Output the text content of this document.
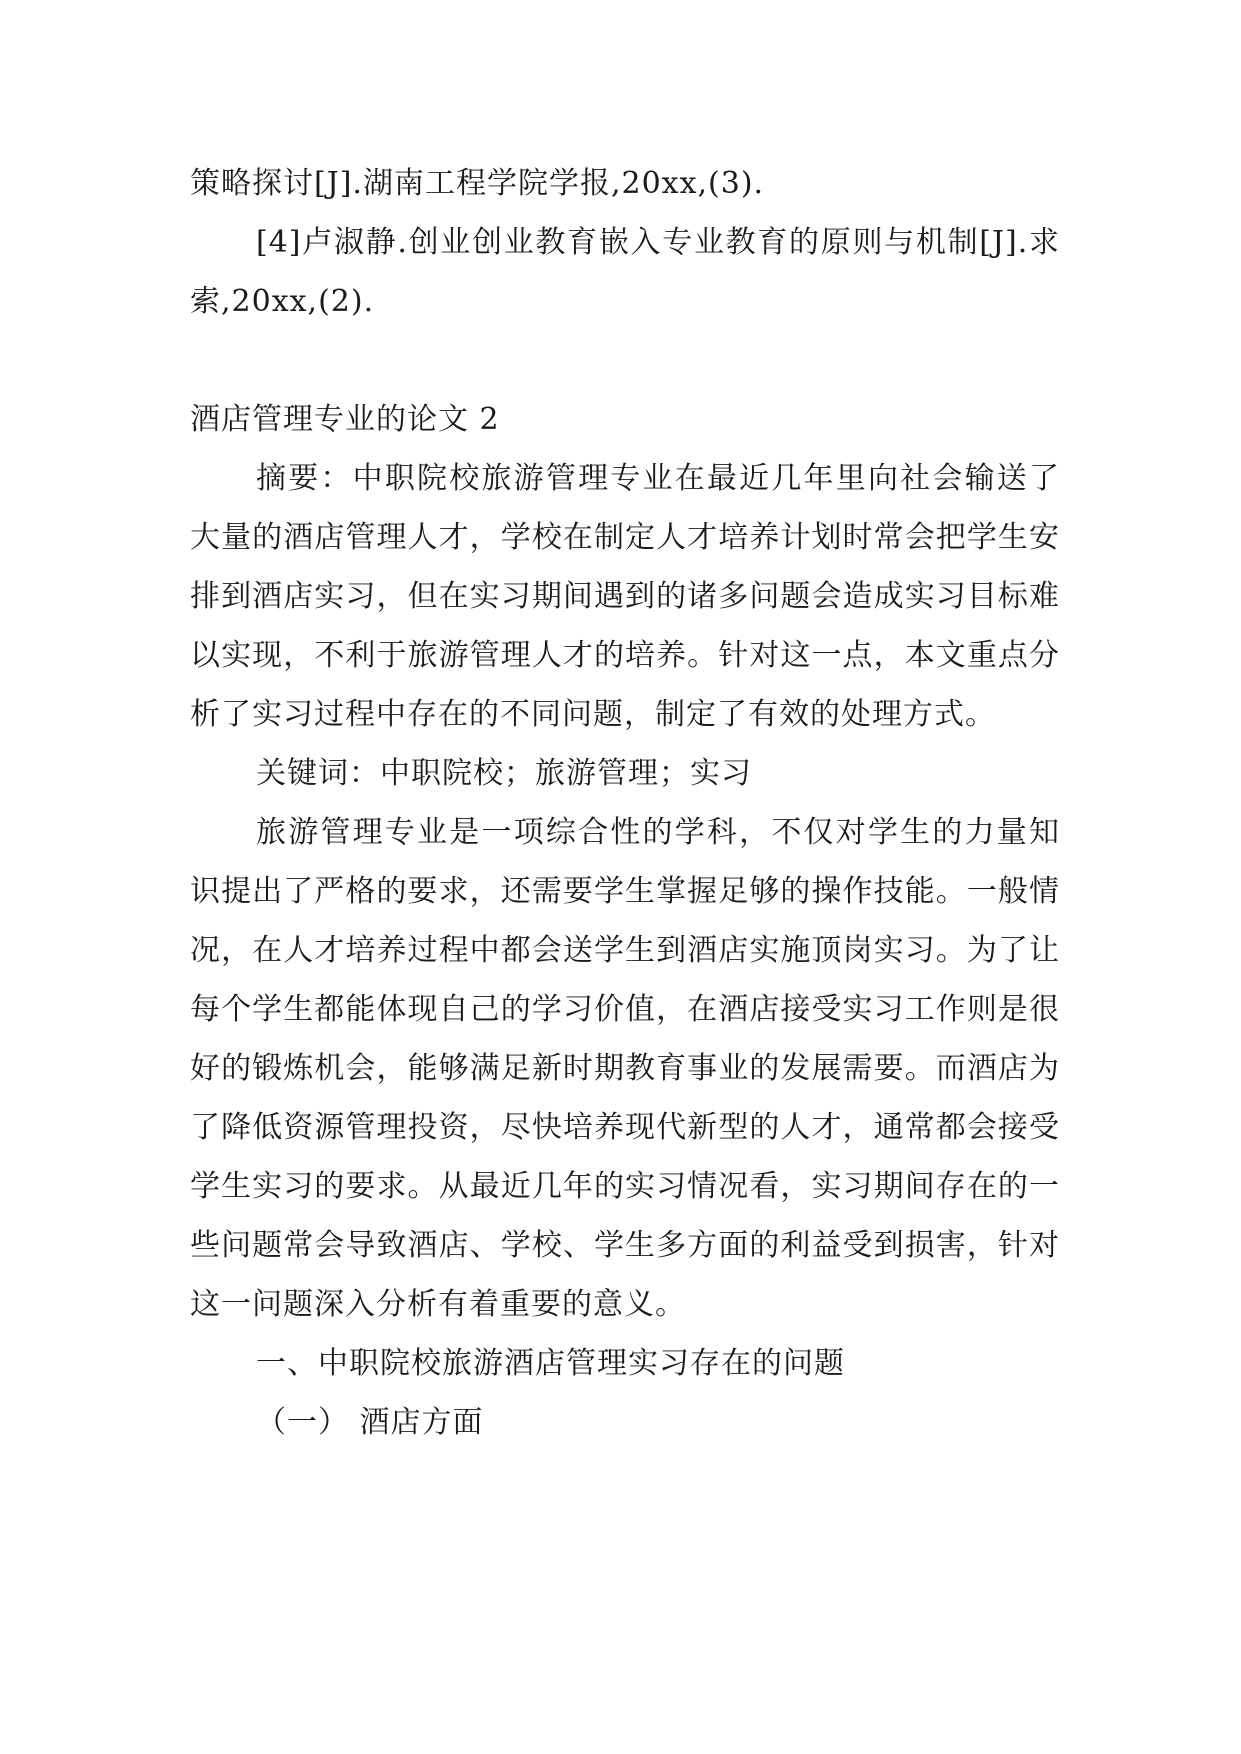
策略探讨[J].湖南工程学院学报,20xx,(3).

[4]卢淑静.创业创业教育嵌入专业教育的原则与机制[J].求索,20xx,(2).

酒店管理专业的论文 2

摘要：中职院校旅游管理专业在最近几年里向社会输送了大量的酒店管理人才，学校在制定人才培养计划时常会把学生安排到酒店实习，但在实习期间遇到的诸多问题会造成实习目标难以实现，不利于旅游管理人才的培养。针对这一点，本文重点分析了实习过程中存在的不同问题，制定了有效的处理方式。

关键词：中职院校；旅游管理；实习

旅游管理专业是一项综合性的学科，不仅对学生的力量知识提出了严格的要求，还需要学生掌握足够的操作技能。一般情况，在人才培养过程中都会送学生到酒店实施顶岗实习。为了让每个学生都能体现自己的学习价值，在酒店接受实习工作则是很好的锻炼机会，能够满足新时期教育事业的发展需要。而酒店为了降低资源管理投资，尽快培养现代新型的人才，通常都会接受学生实习的要求。从最近几年的实习情况看，实习期间存在的一些问题常会导致酒店、学校、学生多方面的利益受到损害，针对这一问题深入分析有着重要的意义。

一、中职院校旅游酒店管理实习存在的问题

（一） 酒店方面
